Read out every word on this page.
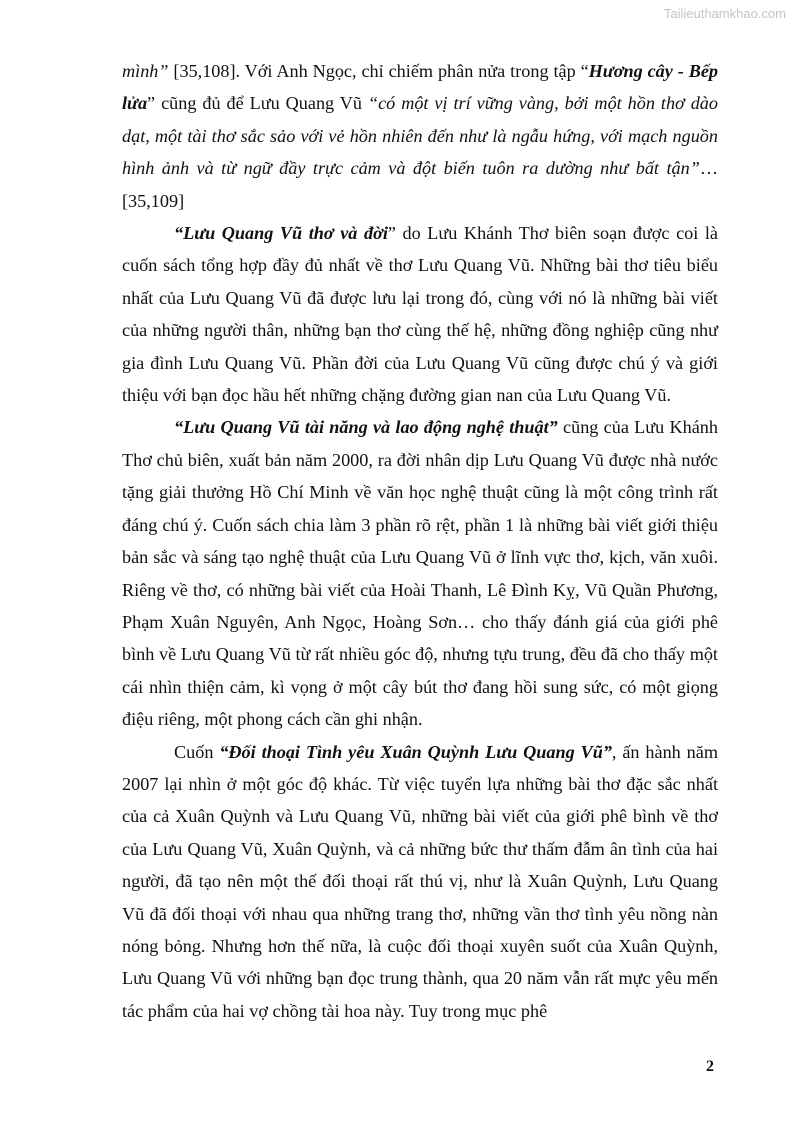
Tailieuthamkhao.com

mình” [35,108]. Với Anh Ngọc, chỉ chiếm phân nửa trong tập “Hương cây - Bếp lửa” cũng đủ để Lưu Quang Vũ “có một vị trí vững vàng, bởi một hồn thơ dào dạt, một tài thơ sắc sảo với vẻ hồn nhiên đến như là ngẫu hứng, với mạch nguồn hình ảnh và từ ngữ đầy trực cảm và đột biến tuôn ra dường như bất tận”…[35,109]

“Lưu Quang Vũ thơ và đời” do Lưu Khánh Thơ biên soạn được coi là cuốn sách tổng hợp đầy đủ nhất về thơ Lưu Quang Vũ. Những bài thơ tiêu biểu nhất của Lưu Quang Vũ đã được lưu lại trong đó, cùng với nó là những bài viết của những người thân, những bạn thơ cùng thế hệ, những đồng nghiệp cũng như gia đình Lưu Quang Vũ. Phần đời của Lưu Quang Vũ cũng được chú ý và giới thiệu với bạn đọc hầu hết những chặng đường gian nan của Lưu Quang Vũ.

“Lưu Quang Vũ tài năng và lao động nghệ thuật” cũng của Lưu Khánh Thơ chủ biên, xuất bản năm 2000, ra đời nhân dịp Lưu Quang Vũ được nhà nước tặng giải thưởng Hồ Chí Minh về văn học nghệ thuật cũng là một công trình rất đáng chú ý. Cuốn sách chia làm 3 phần rõ rệt, phần 1 là những bài viết giới thiệu bản sắc và sáng tạo nghệ thuật của Lưu Quang Vũ ở lĩnh vực thơ, kịch, văn xuôi. Riêng về thơ, có những bài viết của Hoài Thanh, Lê Đình Kỵ, Vũ Quần Phương, Phạm Xuân Nguyên, Anh Ngọc, Hoàng Sơn… cho thấy đánh giá của giới phê bình về Lưu Quang Vũ từ rất nhiều góc độ, nhưng tựu trung, đều đã cho thấy một cái nhìn thiện cảm, kì vọng ở một cây bút thơ đang hồi sung sức, có một giọng điệu riêng, một phong cách cần ghi nhận.

Cuốn “Đối thoại Tình yêu Xuân Quỳnh Lưu Quang Vũ”, ấn hành năm 2007 lại nhìn ở một góc độ khác. Từ việc tuyển lựa những bài thơ đặc sắc nhất của cả Xuân Quỳnh và Lưu Quang Vũ, những bài viết của giới phê bình về thơ của Lưu Quang Vũ, Xuân Quỳnh, và cả những bức thư thấm đẫm ân tình của hai người, đã tạo nên một thế đối thoại rất thú vị, như là Xuân Quỳnh, Lưu Quang Vũ đã đối thoại với nhau qua những trang thơ, những vần thơ tình yêu nồng nàn nóng bỏng. Nhưng hơn thế nữa, là cuộc đối thoại xuyên suốt của Xuân Quỳnh, Lưu Quang Vũ với những bạn đọc trung thành, qua 20 năm vẫn rất mực yêu mến tác phẩm của hai vợ chồng tài hoa này. Tuy trong mục phê

2
